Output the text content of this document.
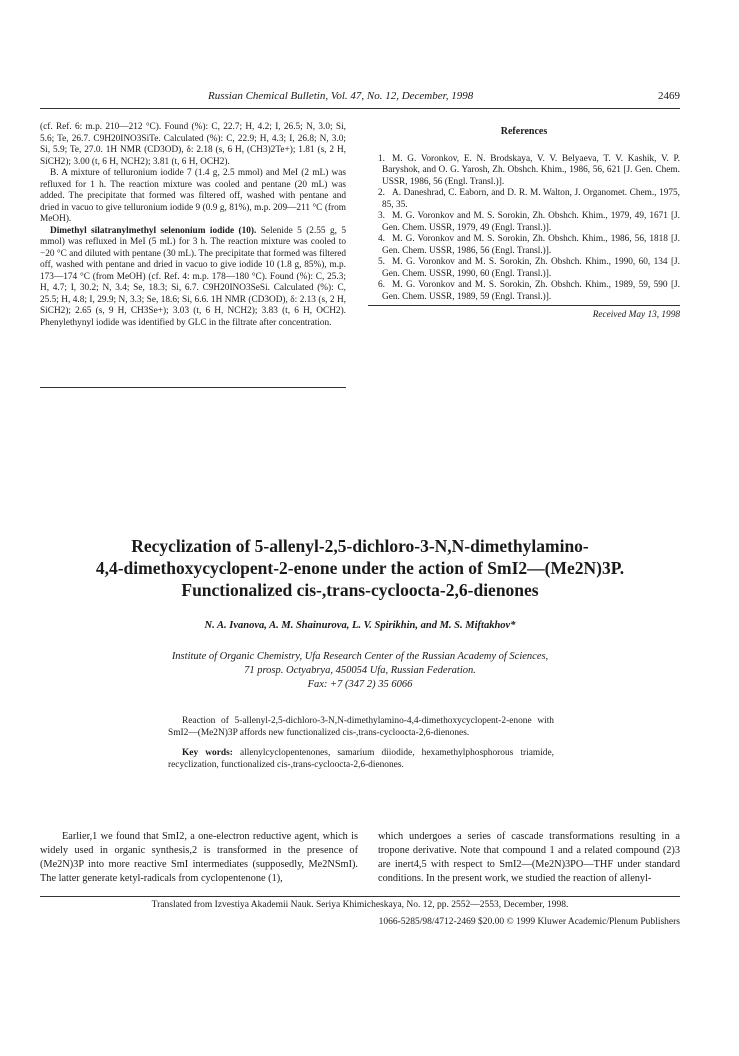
Russian Chemical Bulletin, Vol. 47, No. 12, December, 1998	2469

(cf. Ref. 6: m.p. 210—212 °C). Found (%): C, 22.7; H, 4.2; I, 26.5; N, 3.0; Si, 5.6; Te, 26.7. C9H20INO3SiTe. Calculated (%): C, 22.9; H, 4.3; I, 26.8; N, 3.0; Si, 5.9; Te, 27.0. 1H NMR (CD3OD), δ: 2.18 (s, 6 H, (CH3)2Te+); 1.81 (s, 2 H, SiCH2); 3.00 (t, 6 H, NCH2); 3.81 (t, 6 H, OCH2).

B. A mixture of telluronium iodide 7 (1.4 g, 2.5 mmol) and MeI (2 mL) was refluxed for 1 h. The reaction mixture was cooled and pentane (20 mL) was added. The precipitate that formed was filtered off, washed with pentane and dried in vacuo to give telluronium iodide 9 (0.9 g, 81%), m.p. 209—211 °C (from MeOH).

Dimethyl silatranylmethyl selenonium iodide (10). Selenide 5 (2.55 g, 5 mmol) was refluxed in MeI (5 mL) for 3 h. The reaction mixture was cooled to −20 °C and diluted with pentane (30 mL). The precipitate that formed was filtered off, washed with pentane and dried in vacuo to give iodide 10 (1.8 g, 85%), m.p. 173—174 °C (from MeOH) (cf. Ref. 4: m.p. 178—180 °C). Found (%): C, 25.3; H, 4.7; I, 30.2; N, 3.4; Se, 18.3; Si, 6.7. C9H20INO3SeSi. Calculated (%): C, 25.5; H, 4.8; I, 29.9; N, 3.3; Se, 18.6; Si, 6.6. 1H NMR (CD3OD), δ: 2.13 (s, 2 H, SiCH2); 2.65 (s, 9 H, CH3Se+); 3.03 (t, 6 H, NCH2); 3.83 (t, 6 H, OCH2). Phenylethynyl iodide was identified by GLC in the filtrate after concentration.

References

1. M. G. Voronkov, E. N. Brodskaya, V. V. Belyaeva, T. V. Kashik, V. P. Baryshok, and O. G. Yarosh, Zh. Obshch. Khim., 1986, 56, 621 [J. Gen. Chem. USSR, 1986, 56 (Engl. Transl.)].

2. A. Daneshrad, C. Eaborn, and D. R. M. Walton, J. Organomet. Chem., 1975, 85, 35.

3. M. G. Voronkov and M. S. Sorokin, Zh. Obshch. Khim., 1979, 49, 1671 [J. Gen. Chem. USSR, 1979, 49 (Engl. Transl.)].

4. M. G. Voronkov and M. S. Sorokin, Zh. Obshch. Khim., 1986, 56, 1818 [J. Gen. Chem. USSR, 1986, 56 (Engl. Transl.)].

5. M. G. Voronkov and M. S. Sorokin, Zh. Obshch. Khim., 1990, 60, 134 [J. Gen. Chem. USSR, 1990, 60 (Engl. Transl.)].

6. M. G. Voronkov and M. S. Sorokin, Zh. Obshch. Khim., 1989, 59, 590 [J. Gen. Chem. USSR, 1989, 59 (Engl. Transl.)].

Received May 13, 1998
Recyclization of 5-allenyl-2,5-dichloro-3-N,N-dimethylamino-
4,4-dimethoxycyclopent-2-enone under the action of SmI2—(Me2N)3P.
Functionalized cis-,trans-cycloocta-2,6-dienones
N. A. Ivanova, A. M. Shainurova, L. V. Spirikhin, and M. S. Miftakhov*
Institute of Organic Chemistry, Ufa Research Center of the Russian Academy of Sciences,
71 prosp. Octyabrya, 450054 Ufa, Russian Federation.
Fax: +7 (347 2) 35 6066

Reaction of 5-allenyl-2,5-dichloro-3-N,N-dimethylamino-4,4-dimethoxycyclopent-2-enone with SmI2—(Me2N)3P affords new functionalized cis-,trans-cycloocta-2,6-dienones.

Key words: allenylcyclopentenones, samarium diiodide, hexamethylphosphorous triamide, recyclization, functionalized cis-,trans-cycloocta-2,6-dienones.

Earlier,1 we found that SmI2, a one-electron reductive agent, which is widely used in organic synthesis,2 is transformed in the presence of (Me2N)3P into more reactive SmI intermediates (supposedly, Me2NSmI). The latter generate ketyl-radicals from cyclopentenone (1),

which undergoes a series of cascade transformations resulting in a tropone derivative. Note that compound 1 and a related compound (2)3 are inert4,5 with respect to SmI2—(Me2N)3PO—THF under standard conditions. In the present work, we studied the reaction of allenyl-

Translated from Izvestiya Akademii Nauk. Seriya Khimicheskaya, No. 12, pp. 2552—2553, December, 1998.
1066-5285/98/4712-2469 $20.00 © 1999 Kluwer Academic/Plenum Publishers
